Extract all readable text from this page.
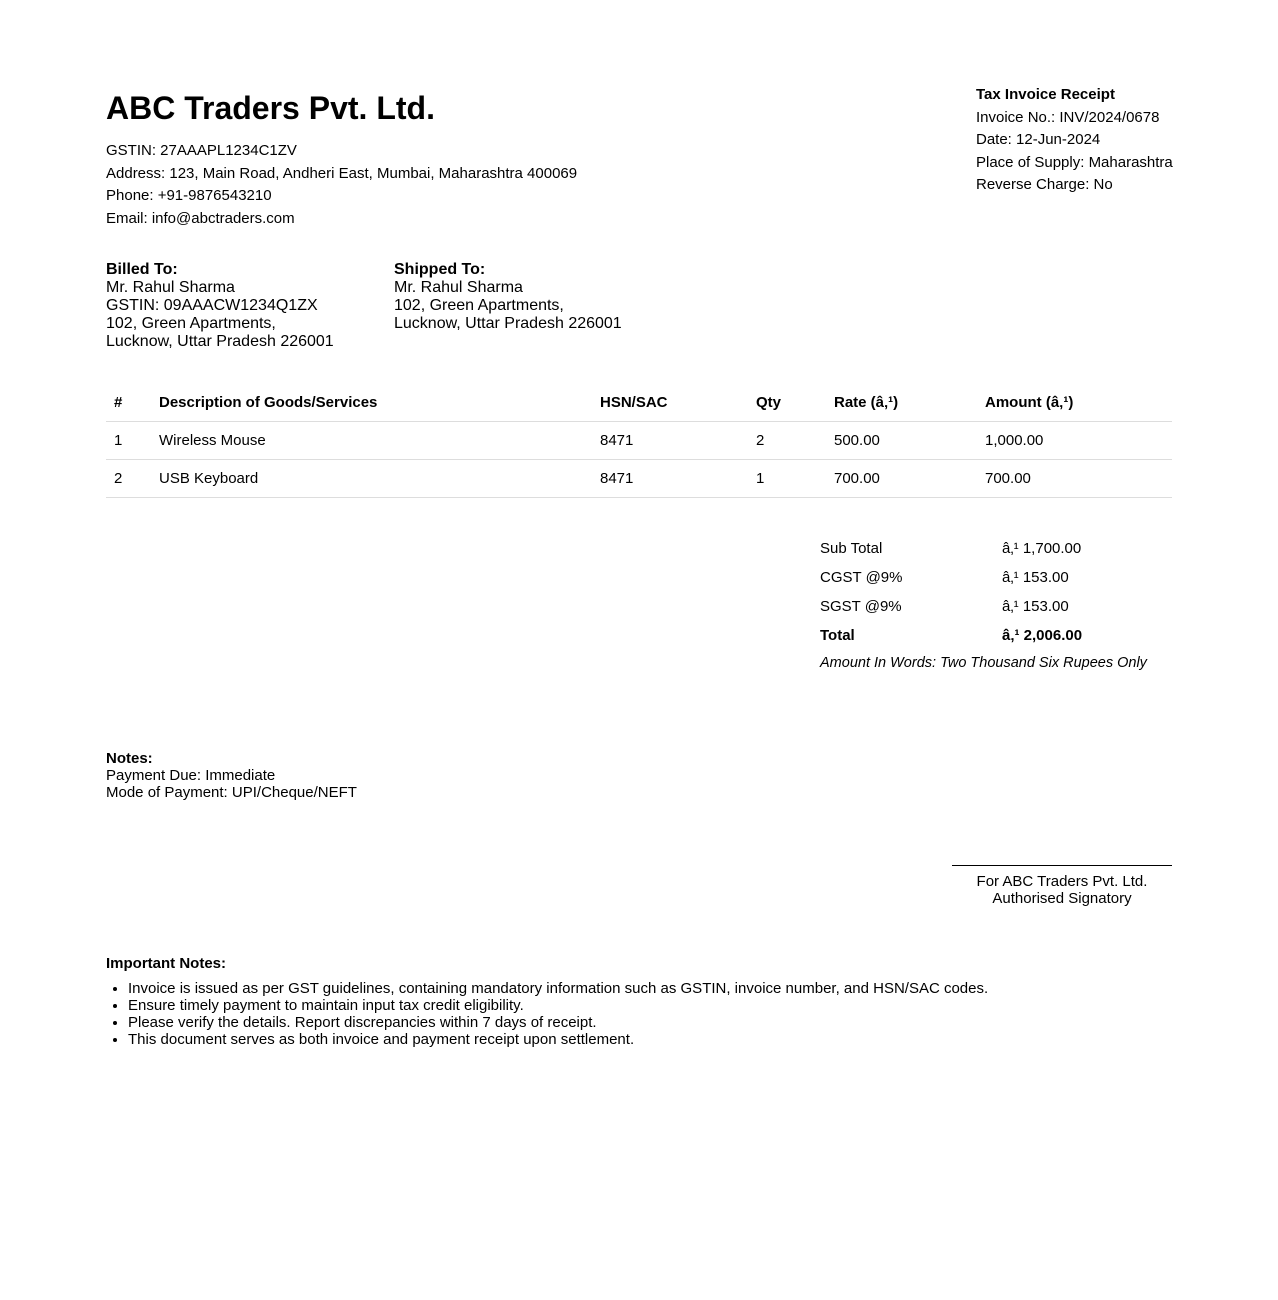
ABC Traders Pvt. Ltd.
GSTIN: 27AAAPL1234C1ZV
Address: 123, Main Road, Andheri East, Mumbai, Maharashtra 400069
Phone: +91-9876543210
Email: info@abctraders.com
Tax Invoice Receipt
Invoice No.: INV/2024/0678
Date: 12-Jun-2024
Place of Supply: Maharashtra
Reverse Charge: No
Billed To:
Mr. Rahul Sharma
GSTIN: 09AAACW1234Q1ZX
102, Green Apartments,
Lucknow, Uttar Pradesh 226001
Shipped To:
Mr. Rahul Sharma
102, Green Apartments,
Lucknow, Uttar Pradesh 226001
#	Description of Goods/Services	HSN/SAC	Qty	Rate (â‚¹)	Amount (â‚¹)
1	Wireless Mouse	8471	2	500.00	1,000.00
2	USB Keyboard	8471	1	700.00	700.00
Sub Total	â‚¹ 1,700.00
CGST @9%	â‚¹ 153.00
SGST @9%	â‚¹ 153.00
Total	â‚¹ 2,006.00
Amount In Words: Two Thousand Six Rupees Only
Notes:
Payment Due: Immediate
Mode of Payment: UPI/Cheque/NEFT
For ABC Traders Pvt. Ltd.
Authorised Signatory
Important Notes:
• Invoice is issued as per GST guidelines, containing mandatory information such as GSTIN, invoice number, and HSN/SAC codes.
• Ensure timely payment to maintain input tax credit eligibility.
• Please verify the details. Report discrepancies within 7 days of receipt.
• This document serves as both invoice and payment receipt upon settlement.
